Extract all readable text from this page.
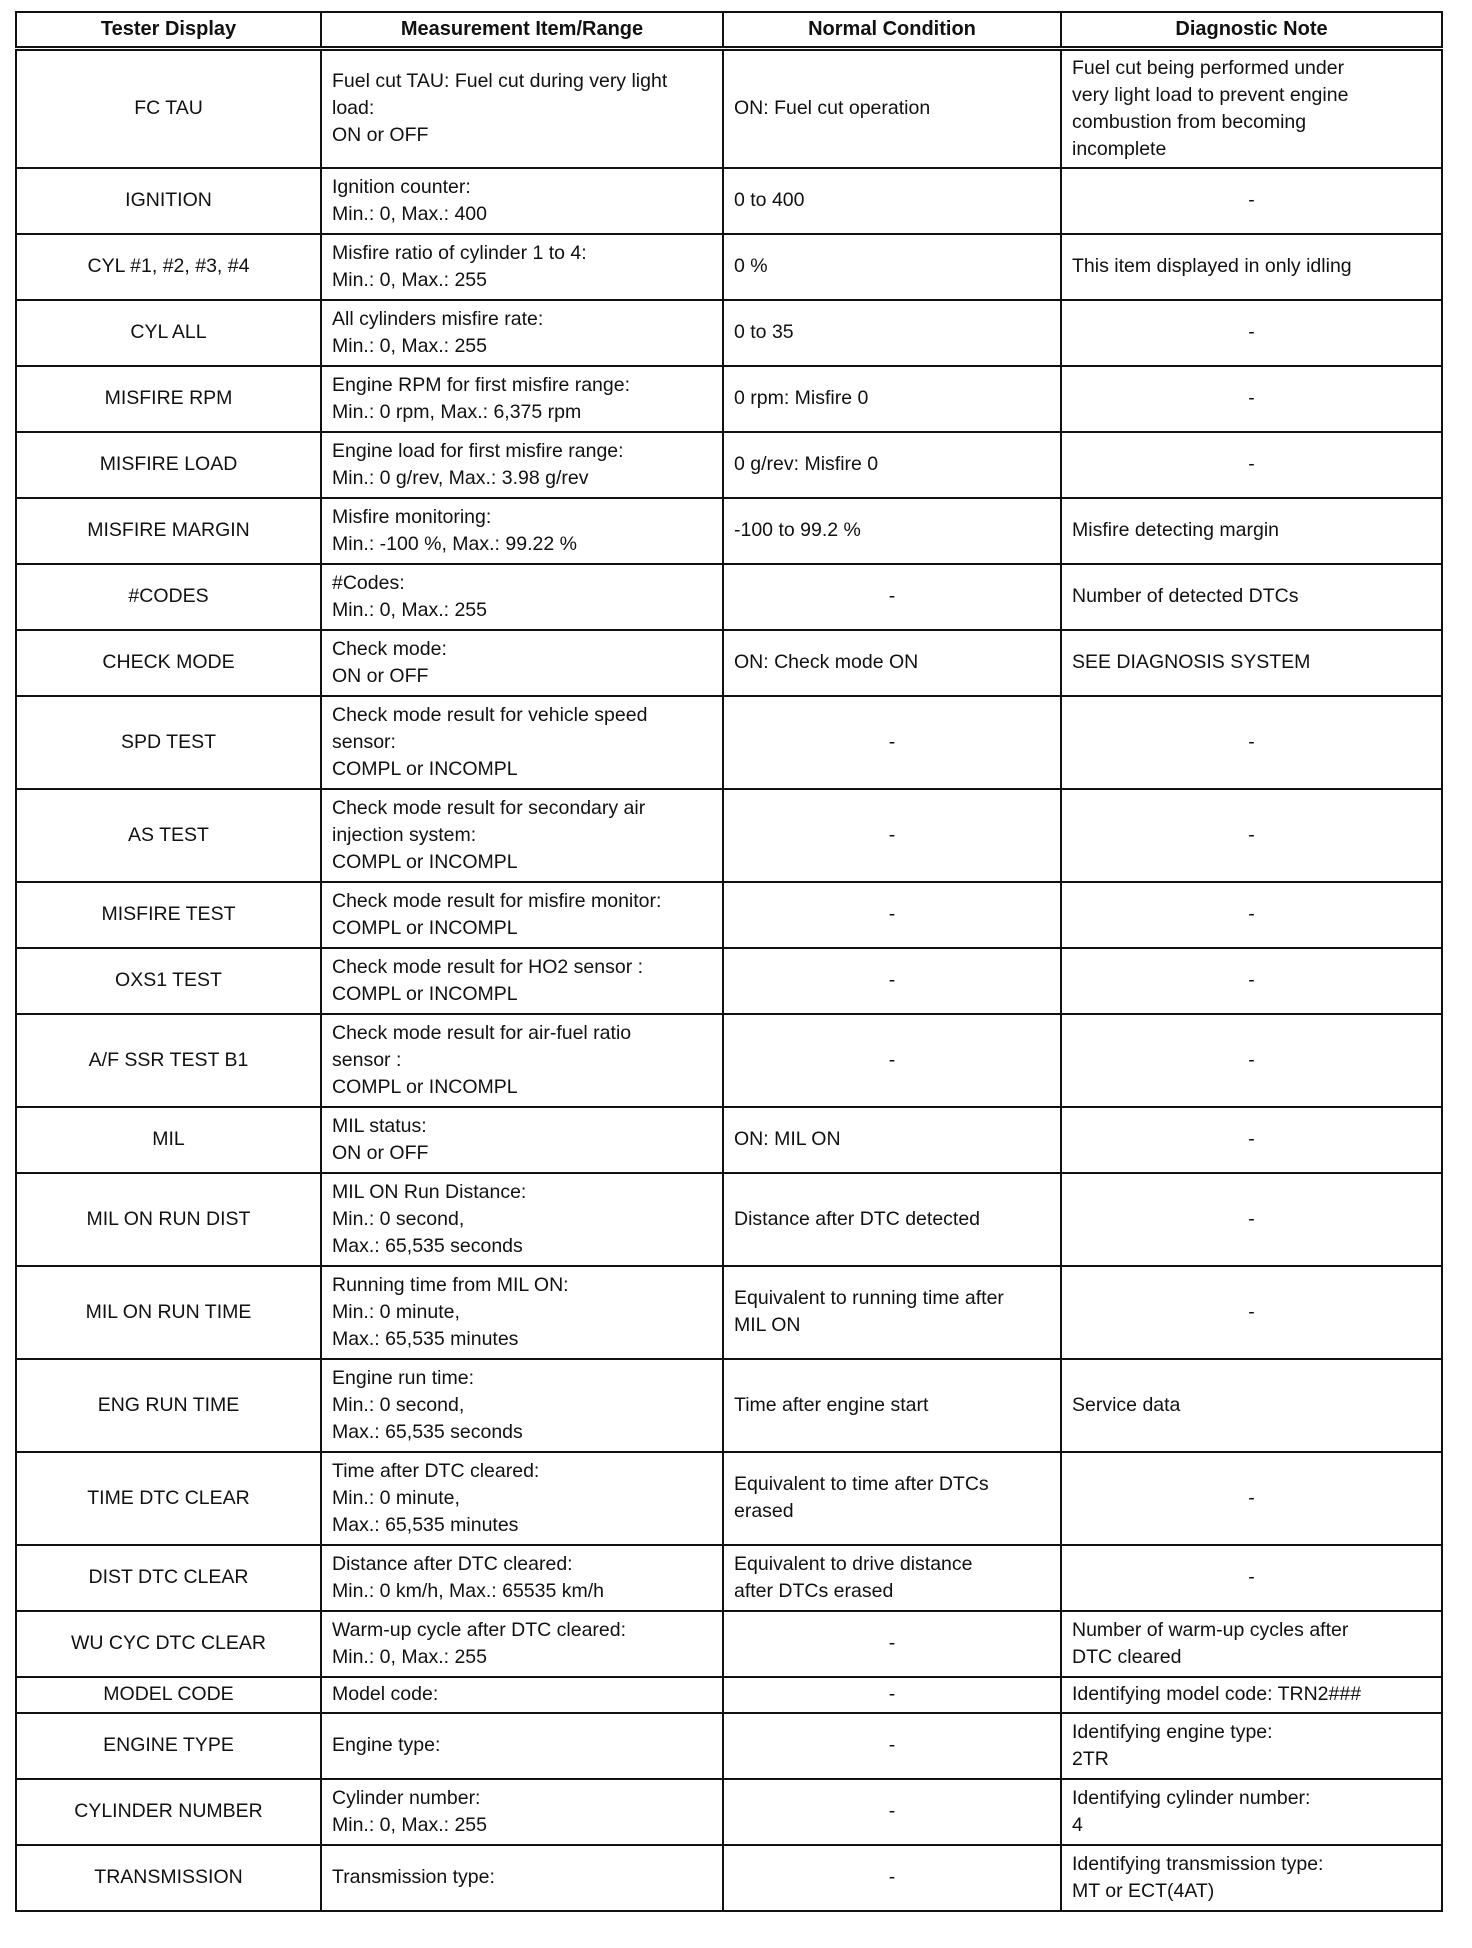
Tester Display	Measurement Item/Range	Normal Condition	Diagnostic Note
FC TAU	Fuel cut TAU: Fuel cut during very light
load:
ON or OFF	ON: Fuel cut operation	Fuel cut being performed under
very light load to prevent engine
combustion from becoming
incomplete

IGNITION	Ignition counter:
Min.: 0, Max.: 400	0 to 400	-

CYL #1, #2, #3, #4	Misfire ratio of cylinder 1 to 4:
Min.: 0, Max.: 255	0 %	This item displayed in only idling

CYL ALL	All cylinders misfire rate:
Min.: 0, Max.: 255	0 to 35	-

MISFIRE RPM	Engine RPM for first misfire range:
Min.: 0 rpm, Max.: 6,375 rpm	0 rpm: Misfire 0	-

MISFIRE LOAD	Engine load for first misfire range:
Min.: 0 g/rev, Max.: 3.98 g/rev	0 g/rev: Misfire 0	-

MISFIRE MARGIN	Misfire monitoring:
Min.: -100 %, Max.: 99.22 %	-100 to 99.2 %	Misfire detecting margin

#CODES	#Codes:
Min.: 0, Max.: 255	-	Number of detected DTCs

CHECK MODE	Check mode:
ON or OFF	ON: Check mode ON	SEE DIAGNOSIS SYSTEM

SPD TEST	Check mode result for vehicle speed
sensor:
COMPL or INCOMPL	-	-

AS TEST	Check mode result for secondary air
injection system:
COMPL or INCOMPL	-	-

MISFIRE TEST	Check mode result for misfire monitor:
COMPL or INCOMPL	-	-

OXS1 TEST	Check mode result for HO2 sensor :
COMPL or INCOMPL	-	-

A/F SSR TEST B1	Check mode result for air-fuel ratio
sensor :
COMPL or INCOMPL	-	-

MIL	MIL status:
ON or OFF	ON: MIL ON	-

MIL ON RUN DIST	MIL ON Run Distance:
Min.: 0 second,
Max.: 65,535 seconds	Distance after DTC detected	-

MIL ON RUN TIME	Running time from MIL ON:
Min.: 0 minute,
Max.: 65,535 minutes	Equivalent to running time after
MIL ON	-

ENG RUN TIME	Engine run time:
Min.: 0 second,
Max.: 65,535 seconds	Time after engine start	Service data

TIME DTC CLEAR	Time after DTC cleared:
Min.: 0 minute,
Max.: 65,535 minutes	Equivalent to time after DTCs
erased	-

DIST DTC CLEAR	Distance after DTC cleared:
Min.: 0 km/h, Max.: 65535 km/h	Equivalent to drive distance
after DTCs erased	-

WU CYC DTC CLEAR	Warm-up cycle after DTC cleared:
Min.: 0, Max.: 255	-	Number of warm-up cycles after
DTC cleared

MODEL CODE	Model code:	-	Identifying model code: TRN2###

ENGINE TYPE	Engine type:	-	Identifying engine type:
2TR

CYLINDER NUMBER	Cylinder number:
Min.: 0, Max.: 255	-	Identifying cylinder number:
4

TRANSMISSION	Transmission type:	-	Identifying transmission type:
MT or ECT(4AT)
